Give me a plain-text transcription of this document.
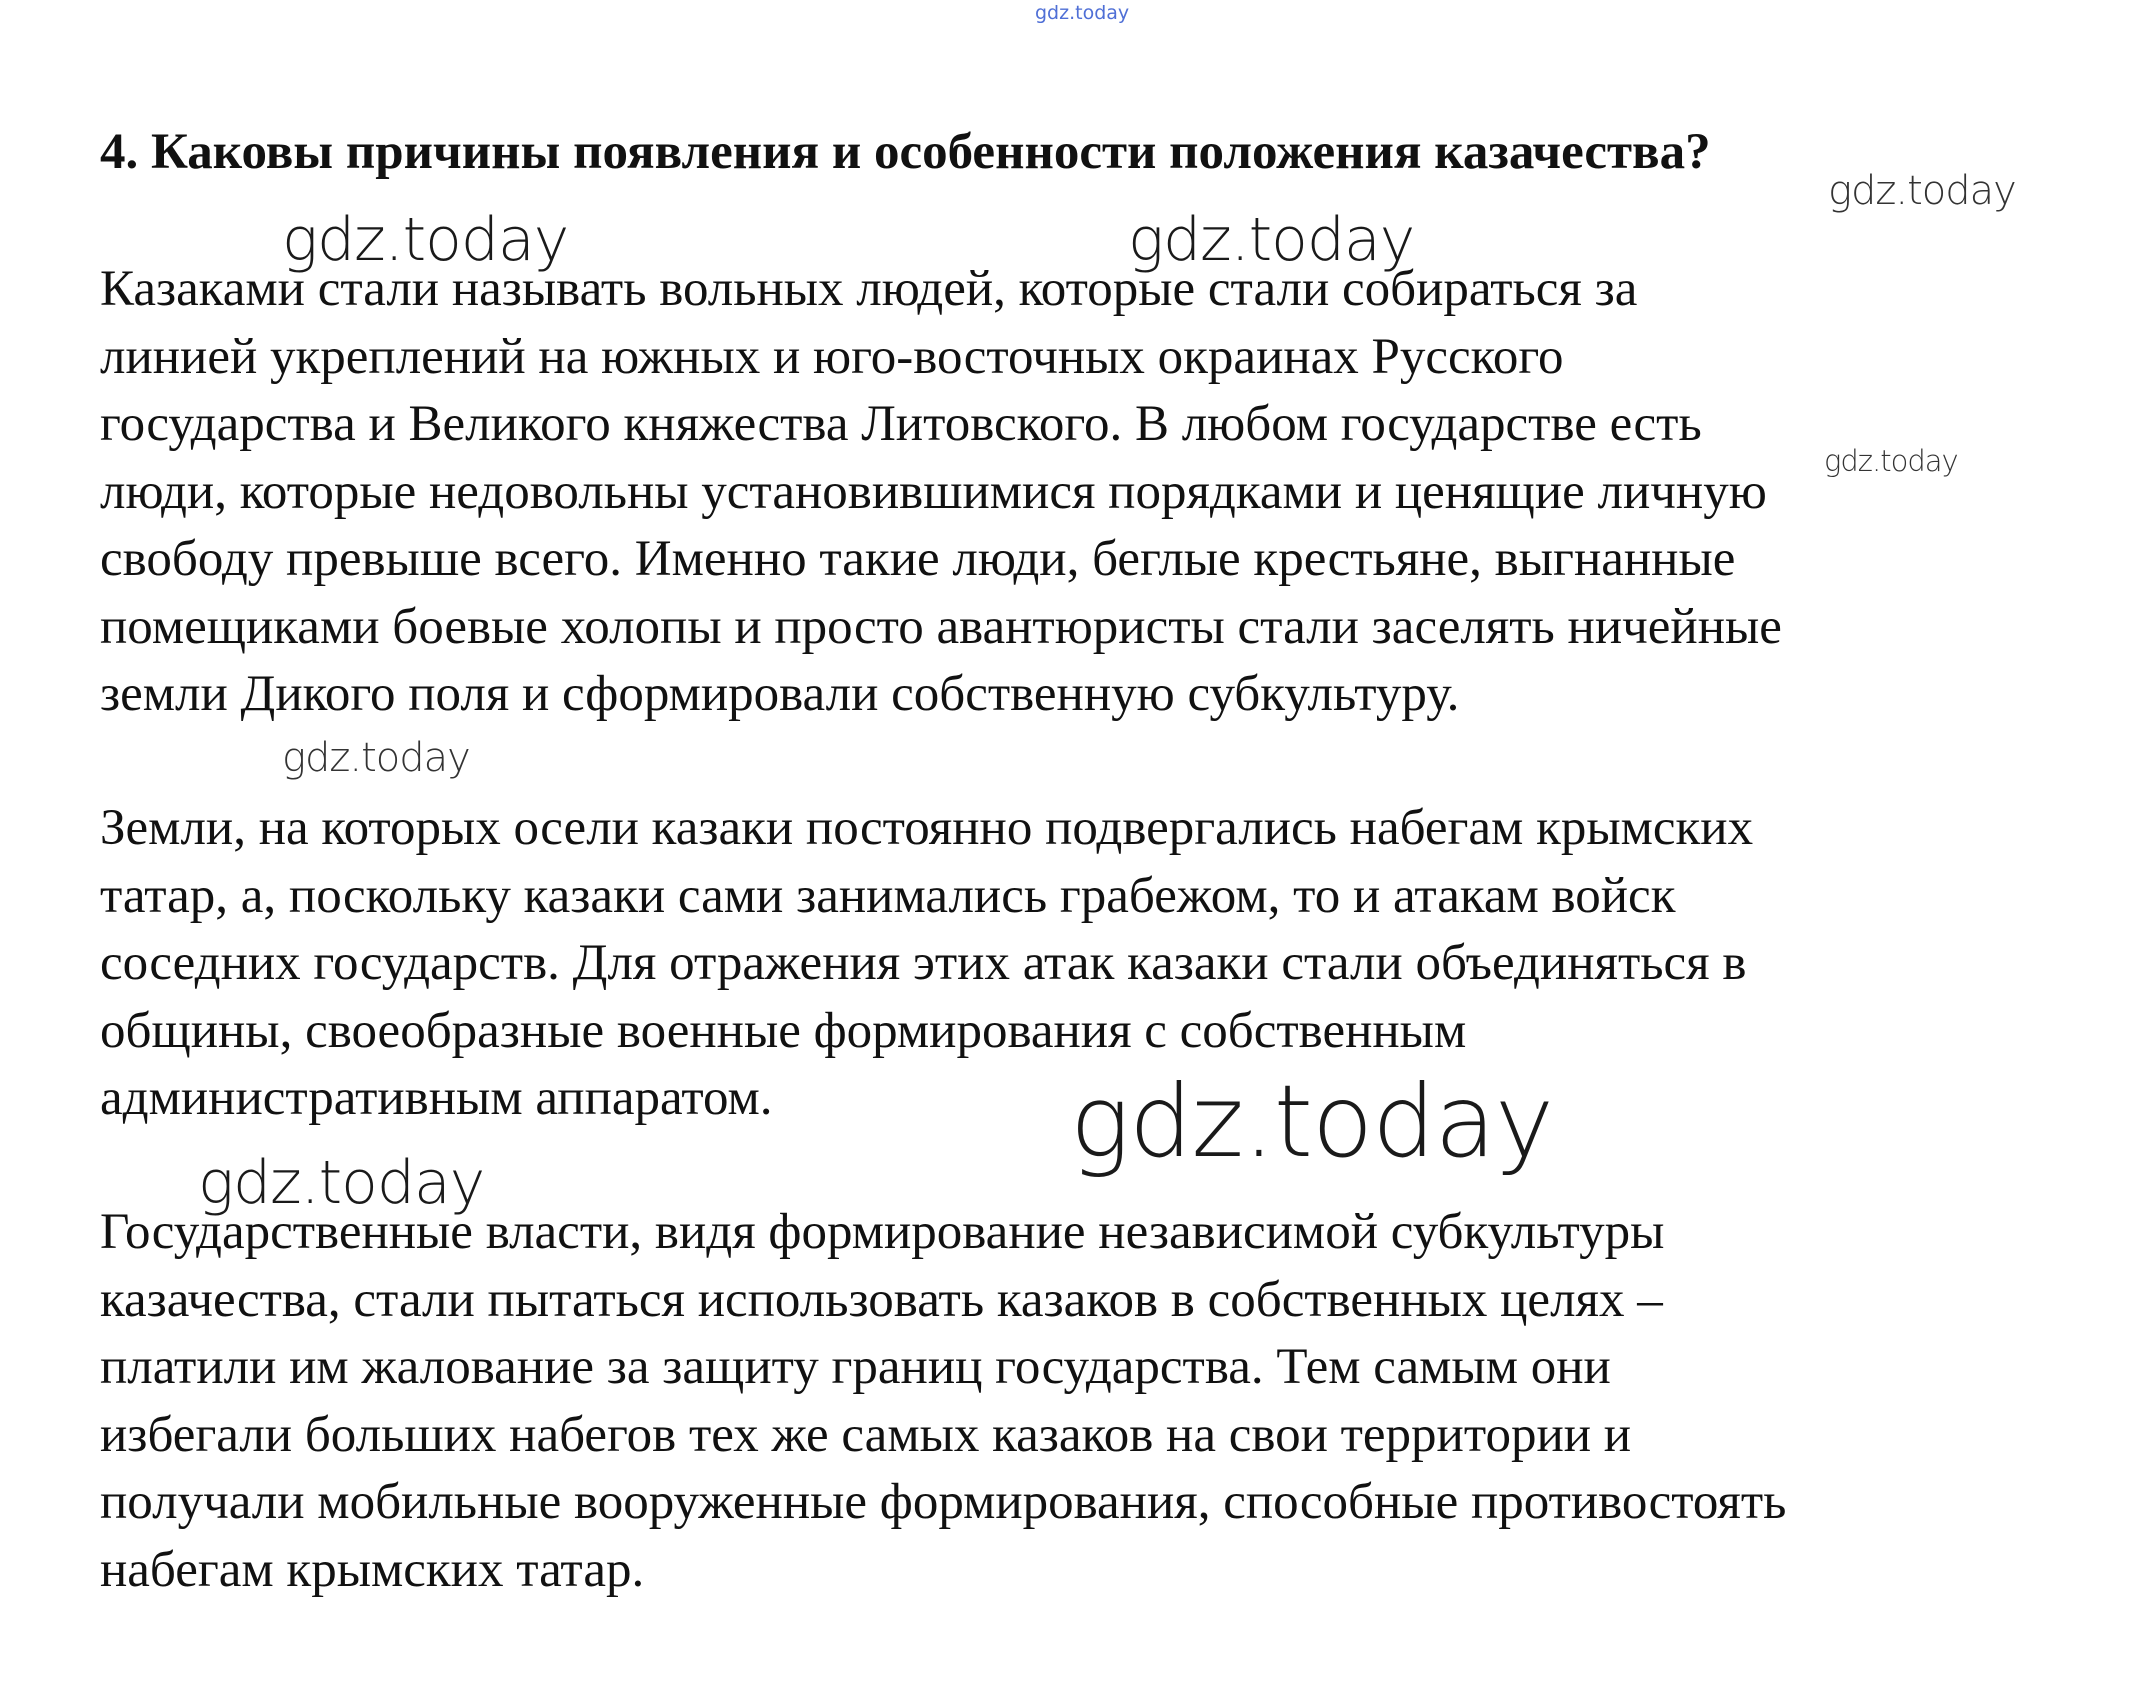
gdz.today
4. Каковы причины появления и особенности положения казачества?

Казаками стали называть вольных людей, которые стали собираться за
линией укреплений на южных и юго-восточных окраинах Русского
государства и Великого княжества Литовского. В любом государстве есть
люди, которые недовольны установившимися порядками и ценящие личную
свободу превыше всего. Именно такие люди, беглые крестьяне, выгнанные
помещиками боевые холопы и просто авантюристы стали заселять ничейные
земли Дикого поля и сформировали собственную субкультуру.

Земли, на которых осели казаки постоянно подвергались набегам крымских
татар, а, поскольку казаки сами занимались грабежом, то и атакам войск
соседних государств. Для отражения этих атак казаки стали объединяться в
общины, своеобразные военные формирования с собственным
административным аппаратом.

Государственные власти, видя формирование независимой субкультуры
казачества, стали пытаться использовать казаков в собственных целях –
платили им жалование за защиту границ государства. Тем самым они
избегали больших набегов тех же самых казаков на свои территории и
получали мобильные вооруженные формирования, способные противостоять
набегам крымских татар.

gdz.today
gdz.today	gdz.today
gdz.today
gdz.today
gdz.today
gdz.today
